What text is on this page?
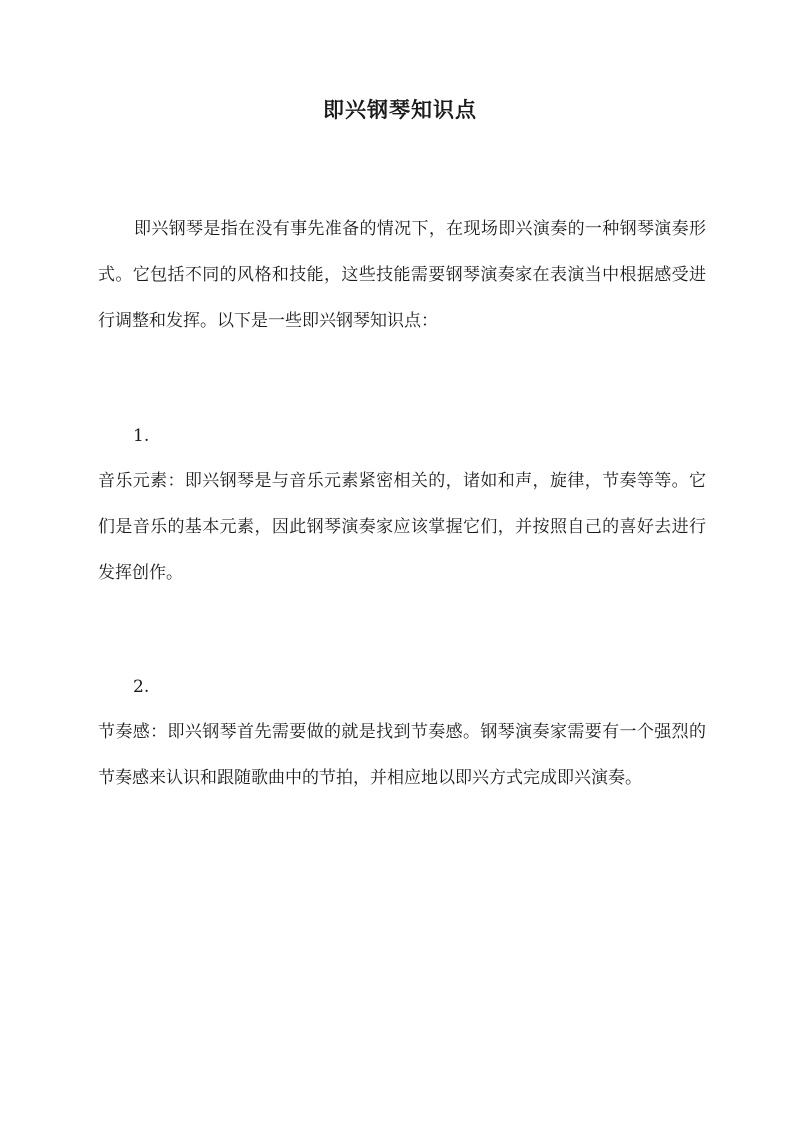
即兴钢琴知识点

即兴钢琴是指在没有事先准备的情况下，在现场即兴演奏的一种钢琴演奏形式。它包括不同的风格和技能，这些技能需要钢琴演奏家在表演当中根据感受进行调整和发挥。以下是一些即兴钢琴知识点：

1.

音乐元素：即兴钢琴是与音乐元素紧密相关的，诸如和声，旋律，节奏等等。它们是音乐的基本元素，因此钢琴演奏家应该掌握它们，并按照自己的喜好去进行发挥创作。

2.

节奏感：即兴钢琴首先需要做的就是找到节奏感。钢琴演奏家需要有一个强烈的节奏感来认识和跟随歌曲中的节拍，并相应地以即兴方式完成即兴演奏。
